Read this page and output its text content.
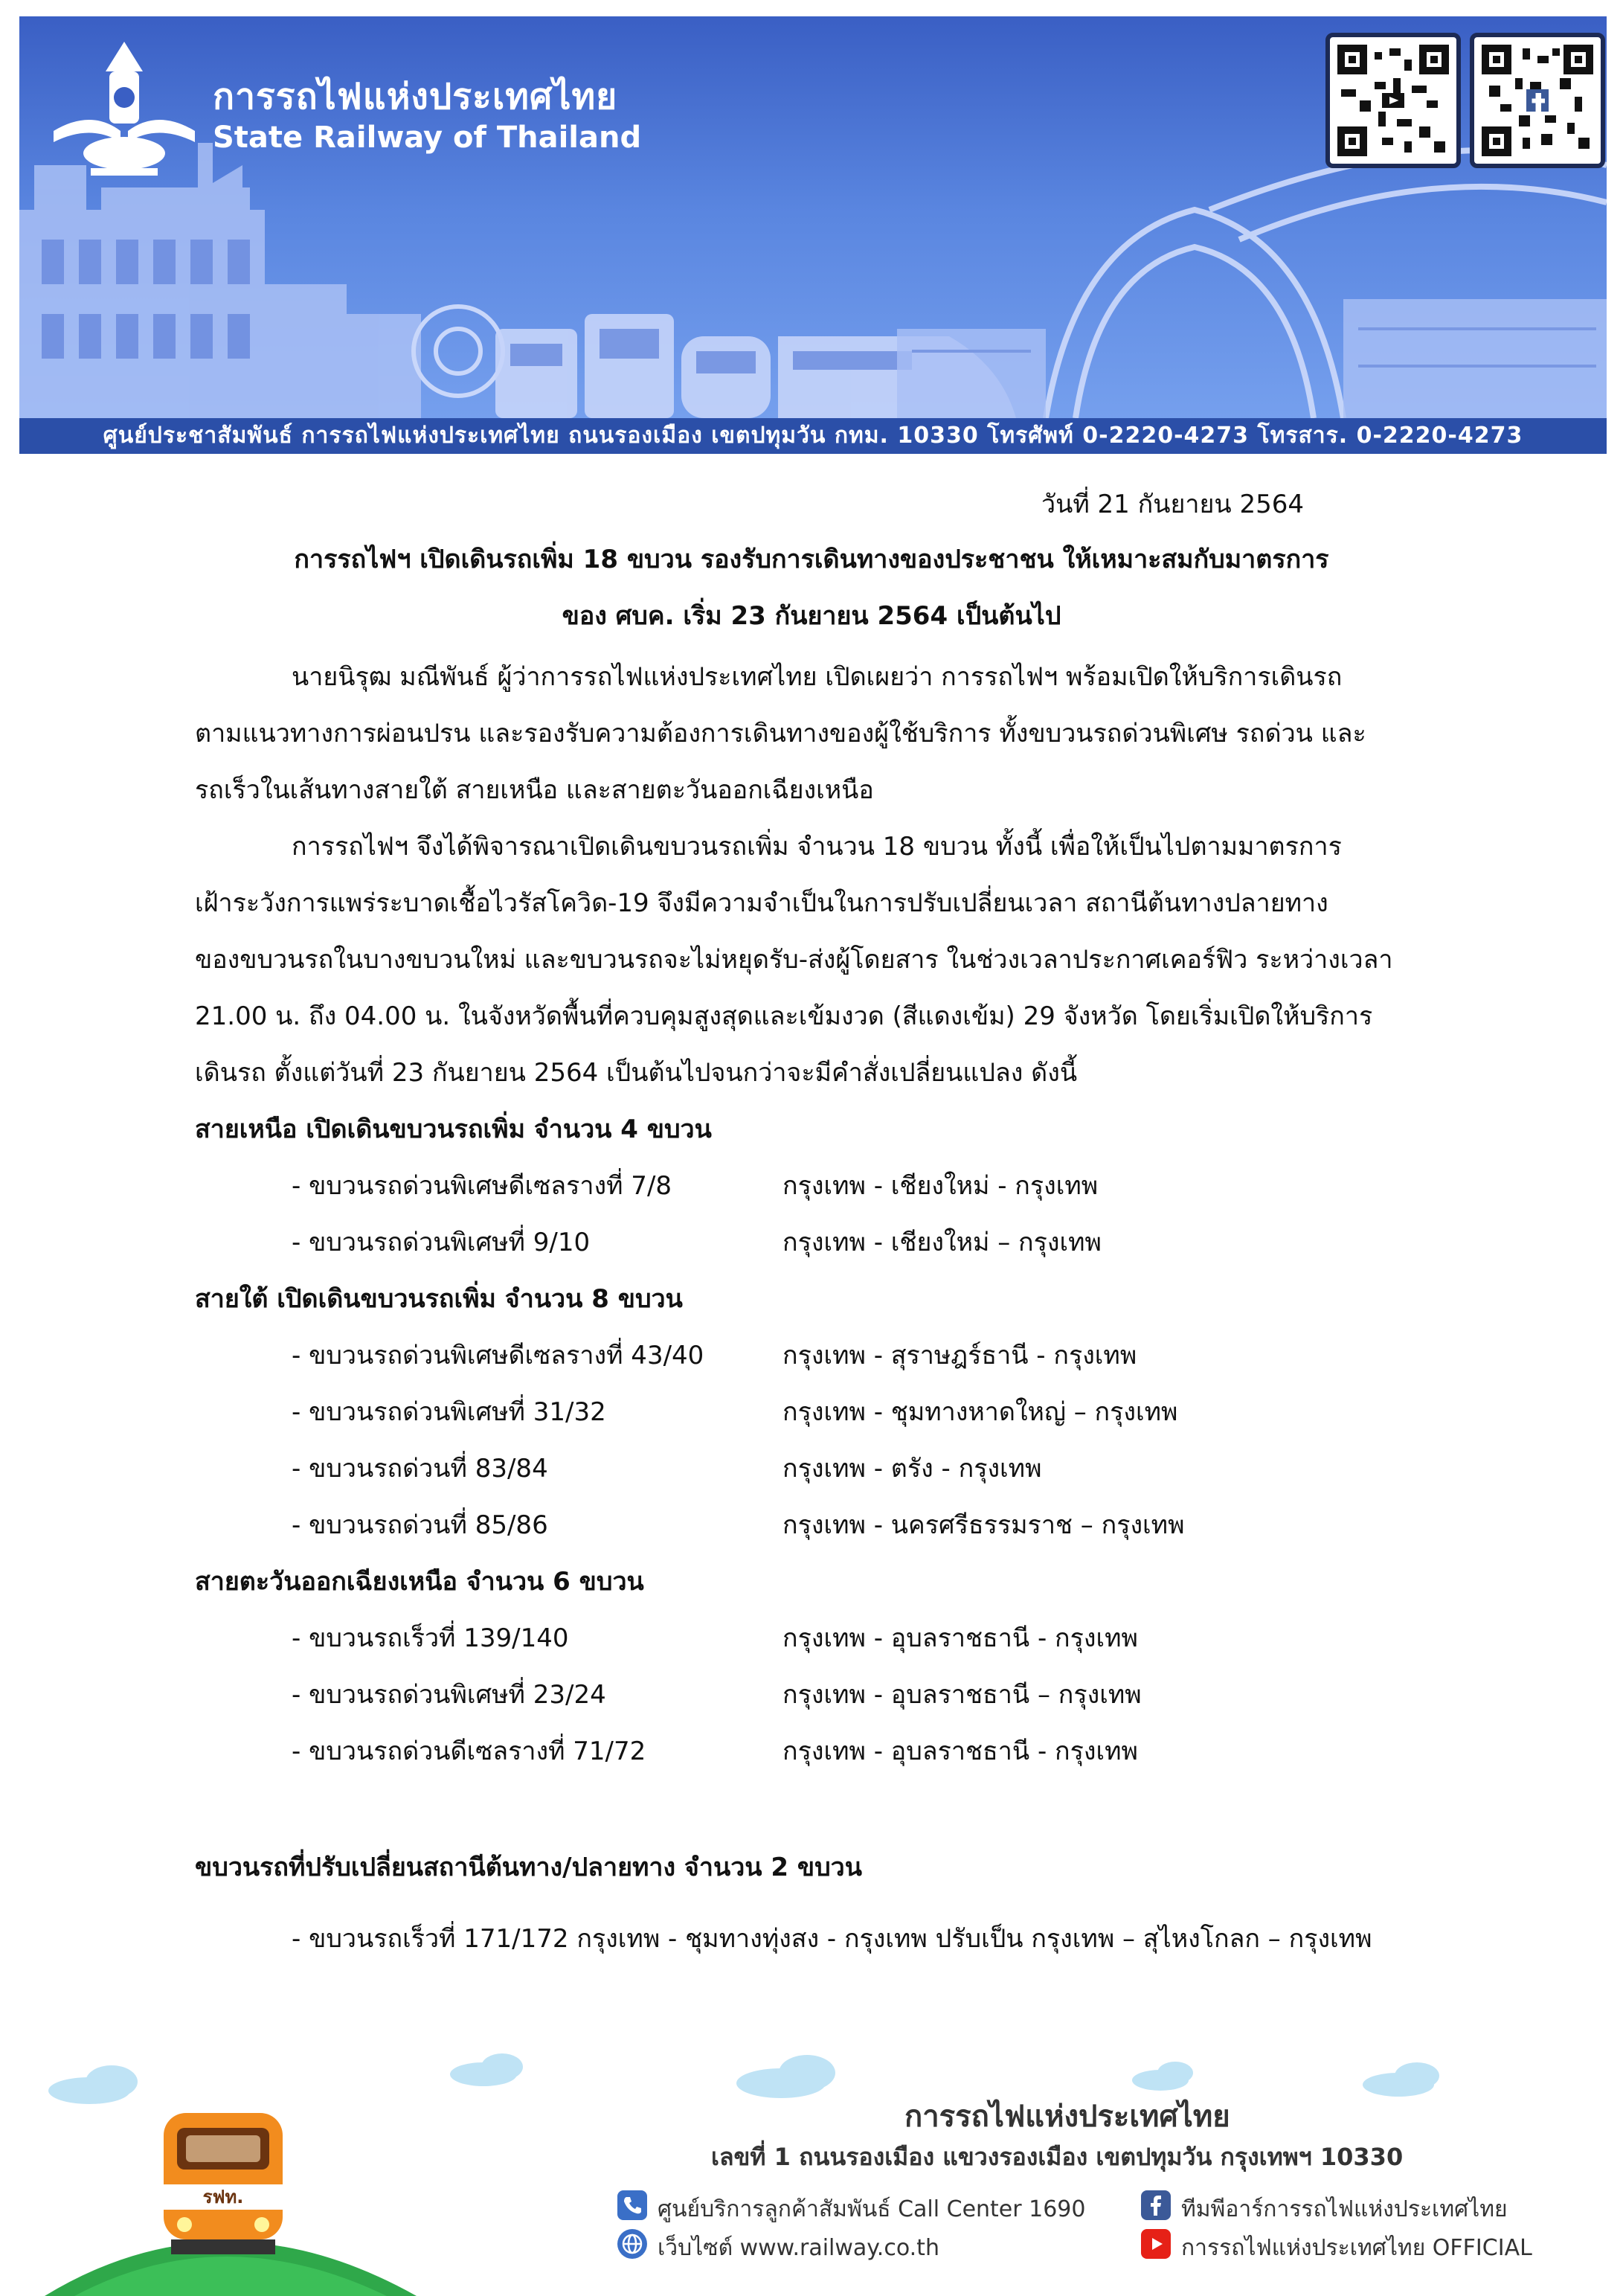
การรถไฟแห่งประเทศไทย
State Railway of Thailand
ศูนย์ประชาสัมพันธ์ การรถไฟแห่งประเทศไทย ถนนรองเมือง เขตปทุมวัน กทม. 10330 โทรศัพท์ 0-2220-4273 โทรสาร. 0-2220-4273
วันที่ 21 กันยายน 2564
การรถไฟฯ เปิดเดินรถเพิ่ม 18 ขบวน รองรับการเดินทางของประชาชน ให้เหมาะสมกับมาตรการ
ของ ศบค. เริ่ม 23 กันยายน 2564 เป็นต้นไป
นายนิรุฒ มณีพันธ์ ผู้ว่าการรถไฟแห่งประเทศไทย เปิดเผยว่า การรถไฟฯ พร้อมเปิดให้บริการเดินรถ
ตามแนวทางการผ่อนปรน และรองรับความต้องการเดินทางของผู้ใช้บริการ ทั้งขบวนรถด่วนพิเศษ รถด่วน และ
รถเร็วในเส้นทางสายใต้ สายเหนือ และสายตะวันออกเฉียงเหนือ
การรถไฟฯ จึงได้พิจารณาเปิดเดินขบวนรถเพิ่ม จำนวน 18 ขบวน ทั้งนี้ เพื่อให้เป็นไปตามมาตรการ
เฝ้าระวังการแพร่ระบาดเชื้อไวรัสโควิด-19 จึงมีความจำเป็นในการปรับเปลี่ยนเวลา สถานีต้นทางปลายทาง
ของขบวนรถในบางขบวนใหม่ และขบวนรถจะไม่หยุดรับ-ส่งผู้โดยสาร ในช่วงเวลาประกาศเคอร์ฟิว ระหว่างเวลา
21.00 น. ถึง 04.00 น. ในจังหวัดพื้นที่ควบคุมสูงสุดและเข้มงวด (สีแดงเข้ม) 29 จังหวัด โดยเริ่มเปิดให้บริการ
เดินรถ ตั้งแต่วันที่ 23 กันยายน 2564 เป็นต้นไปจนกว่าจะมีคำสั่งเปลี่ยนแปลง ดังนี้
สายเหนือ เปิดเดินขบวนรถเพิ่ม จำนวน 4 ขบวน
- ขบวนรถด่วนพิเศษดีเซลรางที่ 7/8	กรุงเทพ - เชียงใหม่ - กรุงเทพ
- ขบวนรถด่วนพิเศษที่ 9/10	กรุงเทพ - เชียงใหม่ – กรุงเทพ
สายใต้ เปิดเดินขบวนรถเพิ่ม จำนวน 8 ขบวน
- ขบวนรถด่วนพิเศษดีเซลรางที่ 43/40	กรุงเทพ - สุราษฎร์ธานี - กรุงเทพ
- ขบวนรถด่วนพิเศษที่ 31/32	กรุงเทพ - ชุมทางหาดใหญ่ – กรุงเทพ
- ขบวนรถด่วนที่ 83/84	กรุงเทพ - ตรัง - กรุงเทพ
- ขบวนรถด่วนที่ 85/86	กรุงเทพ - นครศรีธรรมราช – กรุงเทพ
สายตะวันออกเฉียงเหนือ จำนวน 6 ขบวน
- ขบวนรถเร็วที่ 139/140	กรุงเทพ - อุบลราชธานี - กรุงเทพ
- ขบวนรถด่วนพิเศษที่ 23/24	กรุงเทพ - อุบลราชธานี – กรุงเทพ
- ขบวนรถด่วนดีเซลรางที่ 71/72	กรุงเทพ - อุบลราชธานี - กรุงเทพ
ขบวนรถที่ปรับเปลี่ยนสถานีต้นทาง/ปลายทาง จำนวน 2 ขบวน
- ขบวนรถเร็วที่ 171/172 กรุงเทพ - ชุมทางทุ่งสง - กรุงเทพ ปรับเป็น กรุงเทพ – สุไหงโกลก – กรุงเทพ
รฟท.
การรถไฟแห่งประเทศไทย
เลขที่ 1 ถนนรองเมือง แขวงรองเมือง เขตปทุมวัน กรุงเทพฯ 10330
ศูนย์บริการลูกค้าสัมพันธ์ Call Center 1690
เว็บไซต์ www.railway.co.th
ทีมพีอาร์การรถไฟแห่งประเทศไทย
การรถไฟแห่งประเทศไทย OFFICIAL
